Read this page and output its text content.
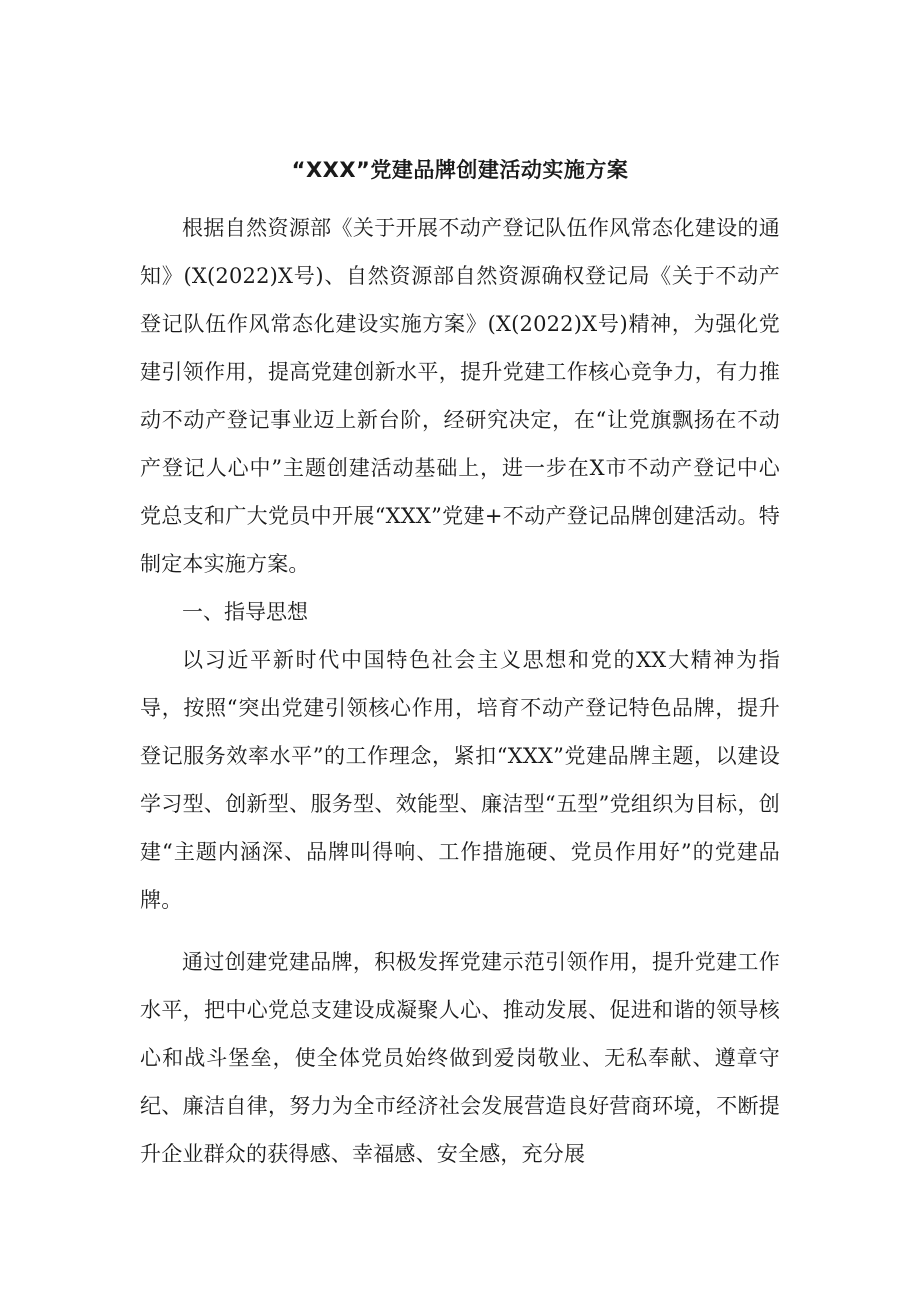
“XXX”党建品牌创建活动实施方案

根据自然资源部《关于开展不动产登记队伍作风常态化建设的通知》(X(2022)X号)、自然资源部自然资源确权登记局《关于不动产登记队伍作风常态化建设实施方案》(X(2022)X号)精神，为强化党建引领作用，提高党建创新水平，提升党建工作核心竞争力，有力推动不动产登记事业迈上新台阶，经研究决定，在“让党旗飘扬在不动产登记人心中”主题创建活动基础上，进一步在X市不动产登记中心党总支和广大党员中开展“XXX”党建+不动产登记品牌创建活动。特制定本实施方案。

一、指导思想

以习近平新时代中国特色社会主义思想和党的XX大精神为指导，按照“突出党建引领核心作用，培育不动产登记特色品牌，提升登记服务效率水平”的工作理念，紧扣“XXX”党建品牌主题，以建设学习型、创新型、服务型、效能型、廉洁型“五型”党组织为目标，创建“主题内涵深、品牌叫得响、工作措施硬、党员作用好”的党建品牌。

通过创建党建品牌，积极发挥党建示范引领作用，提升党建工作水平，把中心党总支建设成凝聚人心、推动发展、促进和谐的领导核心和战斗堡垒，使全体党员始终做到爱岗敬业、无私奉献、遵章守纪、廉洁自律，努力为全市经济社会发展营造良好营商环境，不断提升企业群众的获得感、幸福感、安全感，充分展
